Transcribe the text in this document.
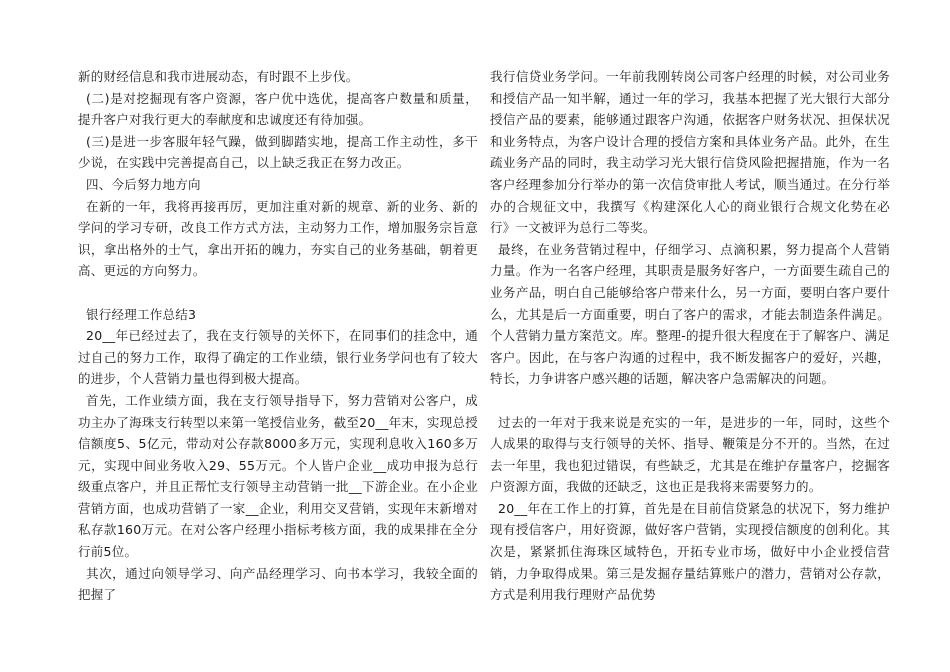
新的财经信息和我市进展动态，有时跟不上步伐。

(二)是对挖掘现有客户资源，客户优中选优，提高客户数量和质量，提升客户对我行更大的奉献度和忠诚度还有待加强。

(三)是进一步客服年轻气躁，做到脚踏实地，提高工作主动性，多干少说，在实践中完善提高自己，以上缺乏我正在努力改正。

四、今后努力地方向

在新的一年，我将再接再厉，更加注重对新的规章、新的业务、新的学问的学习专研，改良工作方式方法，主动努力工作，增加服务宗旨意识，拿出格外的士气，拿出开拓的魄力，夯实自己的业务基础，朝着更高、更远的方向努力。

银行经理工作总结3

20__年已经过去了，我在支行领导的关怀下，在同事们的挂念中，通过自己的努力工作，取得了确定的工作业绩，银行业务学问也有了较大的进步，个人营销力量也得到极大提高。

首先，工作业绩方面，我在支行领导指导下，努力营销对公客户，成功主办了海珠支行转型以来第一笔授信业务，截至20__年末，实现总授信额度5、5亿元，带动对公存款8000多万元，实现利息收入160多万元，实现中间业务收入29、55万元。个人皆户企业__成功申报为总行级重点客户，并且正帮忙支行领导主动营销一批__下游企业。在小企业营销方面，也成功营销了一家__企业，利用交叉营销，实现年末新增对私存款160万元。在对公客户经理小指标考核方面，我的成果排在全分行前5位。

其次，通过向领导学习、向产品经理学习、向书本学习，我较全面的把握了

我行信贷业务学问。一年前我刚转岗公司客户经理的时候，对公司业务和授信产品一知半解，通过一年的学习，我基本把握了光大银行大部分授信产品的要素，能够通过跟客户沟通，依据客户财务状况、担保状况和业务特点，为客户设计合理的授信方案和具体业务产品。此外，在生疏业务产品的同时，我主动学习光大银行信贷风险把握措施，作为一名客户经理参加分行举办的第一次信贷审批人考试，顺当通过。在分行举办的合规征文中，我撰写《构建深化人心的商业银行合规文化势在必行》一文被评为总行二等奖。

最终，在业务营销过程中，仔细学习、点滴积累，努力提高个人营销力量。作为一名客户经理，其职责是服务好客户，一方面要生疏自己的业务产品，明白自己能够给客户带来什么，另一方面，要明白客户要什么，尤其是后一方面重要，明白了客户的需求，才能去制造条件满足。个人营销力量方案范文。库。整理-的提升很大程度在于了解客户、满足客户。因此，在与客户沟通的过程中，我不断发掘客户的爱好，兴趣，特长，力争讲客户感兴趣的话题，解决客户急需解决的问题。

过去的一年对于我来说是充实的一年，是进步的一年，同时，这些个人成果的取得与支行领导的关怀、指导、鞭策是分不开的。当然，在过去一年里，我也犯过错误，有些缺乏，尤其是在维护存量客户，挖掘客户资源方面，我做的还缺乏，这也正是我将来需要努力的。

20__年在工作上的打算，首先是在目前信贷紧急的状况下，努力维护现有授信客户，用好资源，做好客户营销，实现授信额度的创利化。其次是，紧紧抓住海珠区域特色，开拓专业市场，做好中小企业授信营销，力争取得成果。第三是发掘存量结算账户的潜力，营销对公存款，方式是利用我行理财产品优势
